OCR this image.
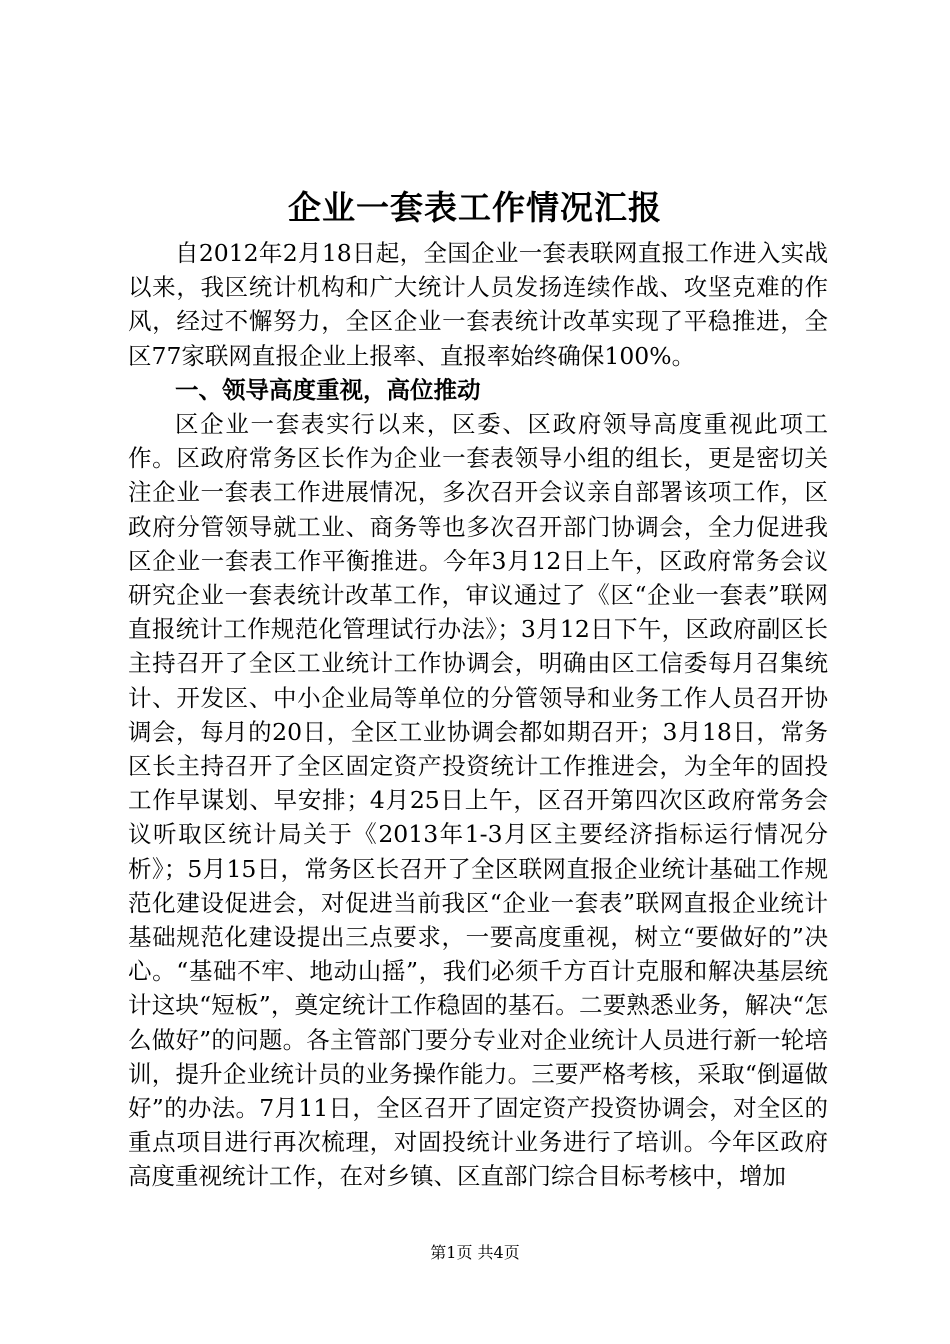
企业一套表工作情况汇报

自2012年2月18日起，全国企业一套表联网直报工作进入实战以来，我区统计机构和广大统计人员发扬连续作战、攻坚克难的作风，经过不懈努力，全区企业一套表统计改革实现了平稳推进，全区77家联网直报企业上报率、直报率始终确保100%。

一、领导高度重视，高位推动

区企业一套表实行以来，区委、区政府领导高度重视此项工作。区政府常务区长作为企业一套表领导小组的组长，更是密切关注企业一套表工作进展情况，多次召开会议亲自部署该项工作，区政府分管领导就工业、商务等也多次召开部门协调会，全力促进我区企业一套表工作平衡推进。今年3月12日上午，区政府常务会议研究企业一套表统计改革工作，审议通过了《区“企业一套表”联网直报统计工作规范化管理试行办法》；3月12日下午，区政府副区长主持召开了全区工业统计工作协调会，明确由区工信委每月召集统计、开发区、中小企业局等单位的分管领导和业务工作人员召开协调会，每月的20日，全区工业协调会都如期召开；3月18日，常务区长主持召开了全区固定资产投资统计工作推进会，为全年的固投工作早谋划、早安排；4月25日上午，区召开第四次区政府常务会议听取区统计局关于《2013年1-3月区主要经济指标运行情况分析》；5月15日，常务区长召开了全区联网直报企业统计基础工作规范化建设促进会，对促进当前我区“企业一套表”联网直报企业统计基础规范化建设提出三点要求，一要高度重视，树立“要做好的”决心。“基础不牢、地动山摇”，我们必须千方百计克服和解决基层统计这块“短板”，奠定统计工作稳固的基石。二要熟悉业务，解决“怎么做好”的问题。各主管部门要分专业对企业统计人员进行新一轮培训，提升企业统计员的业务操作能力。三要严格考核，采取“倒逼做好”的办法。7月11日，全区召开了固定资产投资协调会，对全区的重点项目进行再次梳理，对固投统计业务进行了培训。今年区政府高度重视统计工作，在对乡镇、区直部门综合目标考核中，增加

第1页 共4页
